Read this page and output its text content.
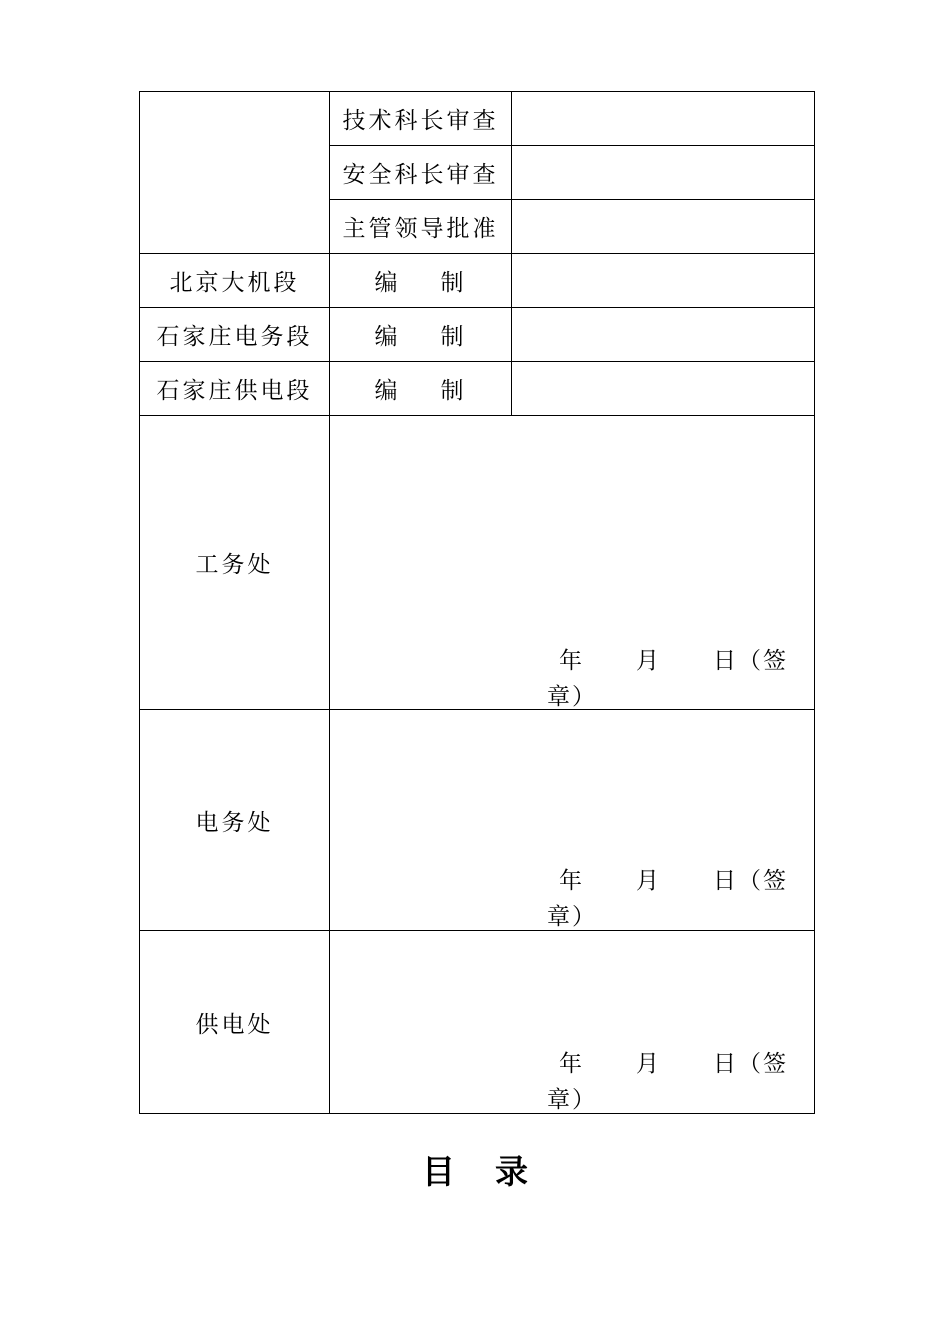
	技术科长审查	
	安全科长审查	
	主管领导批准	
北京大机段	编 制	
石家庄电务段	编 制	
石家庄供电段	编 制	
工务处	年 月 日（签
章）	

电务处	年 月 日（签
章）	

供电处	年 月 日（签
章）	
目 录
